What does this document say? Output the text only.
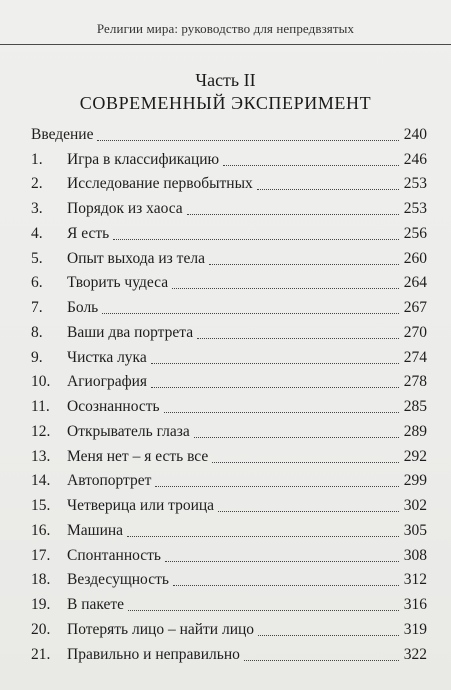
Религии мира: руководство для непредвзятых
Часть II
СОВРЕМЕННЫЙ ЭКСПЕРИМЕНТ
Введение	240
1.	Игра в классификацию	246
2.	Исследование первобытных	253
3.	Порядок из хаоса	253
4.	Я есть	256
5.	Опыт выхода из тела	260
6.	Творить чудеса	264
7.	Боль	267
8.	Ваши два портрета	270
9.	Чистка лука	274
10.	Агиография	278
11.	Осознанность	285
12.	Открыватель глаза	289
13.	Меня нет – я есть все	292
14.	Автопортрет	299
15.	Четверица или троица	302
16.	Машина	305
17.	Спонтанность	308
18.	Вездесущность	312
19.	В пакете	316
20.	Потерять лицо – найти лицо	319
21.	Правильно и неправильно	322
